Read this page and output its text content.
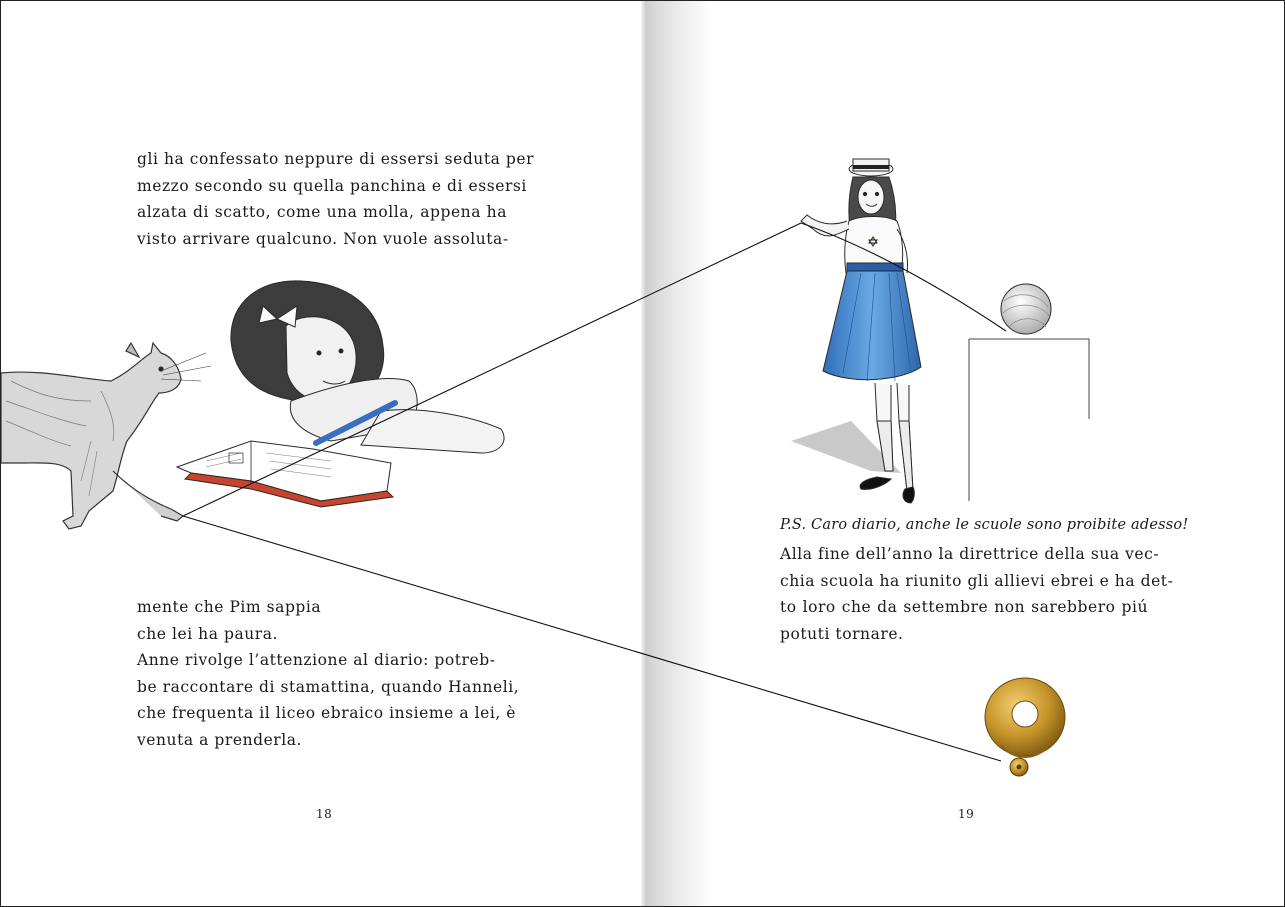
gli ha confessato neppure di essersi seduta per
mezzo secondo su quella panchina e di essersi
alzata di scatto, come una molla, appena ha
visto arrivare qualcuno. Non vuole assoluta-
mente che Pim sappia
che lei ha paura.
Anne rivolge l’attenzione al diario: potreb-
be raccontare di stamattina, quando Hanneli,
che frequenta il liceo ebraico insieme a lei, è
venuta a prenderla.
18
P.S. Caro diario, anche le scuole sono proibite adesso!
Alla fine dell’anno la direttrice della sua vec-
chia scuola ha riunito gli allievi ebrei e ha det-
to loro che da settembre non sarebbero piú
potuti tornare.
19
